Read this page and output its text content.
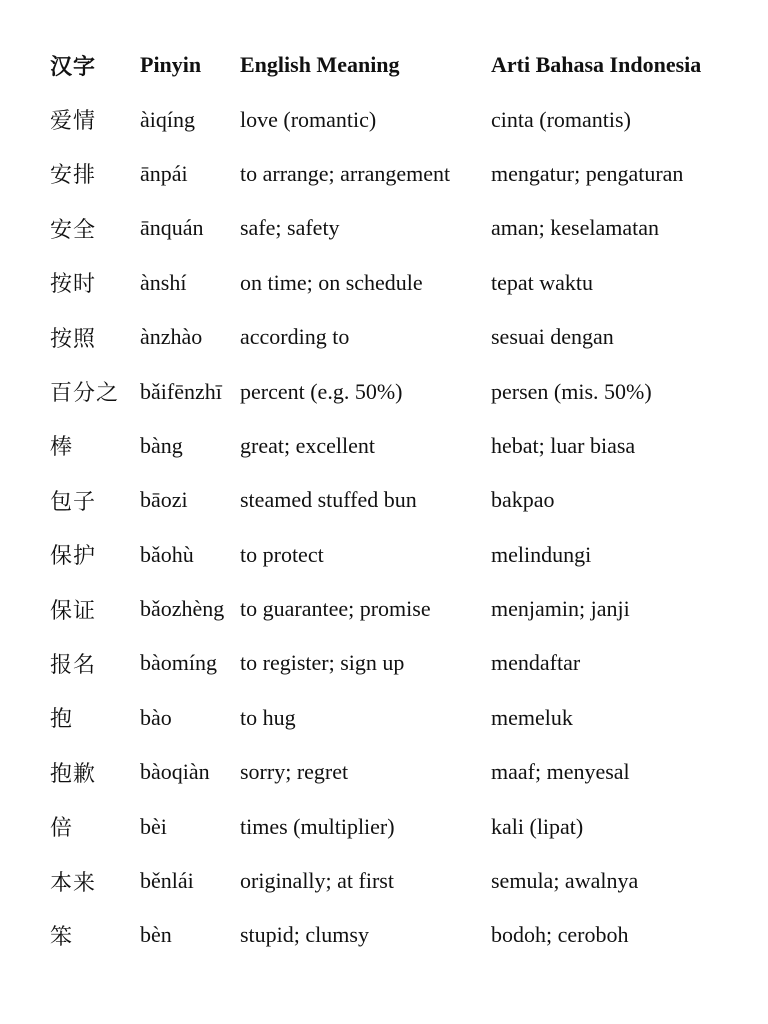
汉字	Pinyin	English Meaning	Arti Bahasa Indonesia
爱情	àiqíng	love (romantic)	cinta (romantis)
安排	ānpái	to arrange; arrangement	mengatur; pengaturan
安全	ānquán	safe; safety	aman; keselamatan
按时	ànshí	on time; on schedule	tepat waktu
按照	ànzhào	according to	sesuai dengan
百分之	bǎifēnzhī	percent (e.g. 50%)	persen (mis. 50%)
棒	bàng	great; excellent	hebat; luar biasa
包子	bāozi	steamed stuffed bun	bakpao
保护	bǎohù	to protect	melindungi
保证	bǎozhèng	to guarantee; promise	menjamin; janji
报名	bàomíng	to register; sign up	mendaftar
抱	bào	to hug	memeluk
抱歉	bàoqiàn	sorry; regret	maaf; menyesal
倍	bèi	times (multiplier)	kali (lipat)
本来	běnlái	originally; at first	semula; awalnya
笨	bèn	stupid; clumsy	bodoh; ceroboh
